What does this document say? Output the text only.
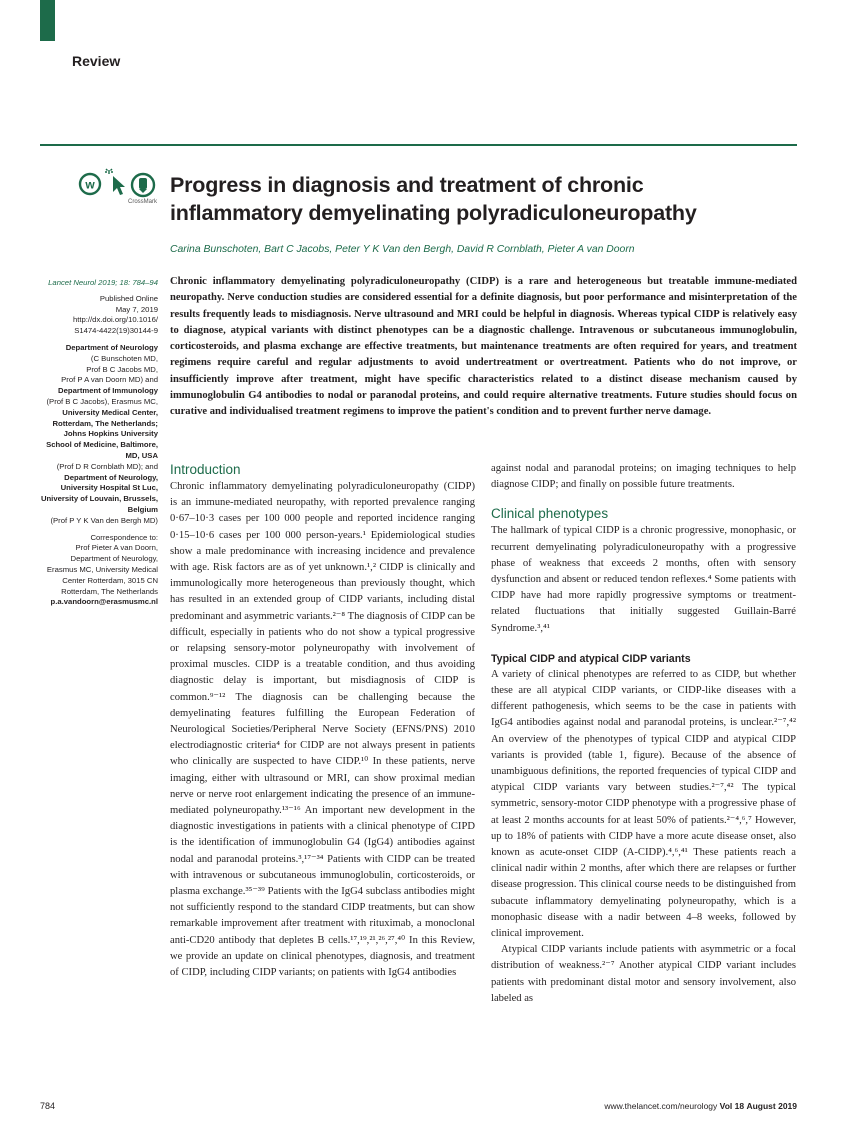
Review
w
CrossMark
Progress in diagnosis and treatment of chronic inflammatory demyelinating polyradiculoneuropathy
Carina Bunschoten, Bart C Jacobs, Peter Y K Van den Bergh, David R Cornblath, Pieter A van Doorn
Lancet Neurol 2019; 18: 784–94
Published Online
May 7, 2019
http://dx.doi.org/10.1016/
S1474-4422(19)30144-9
Department of Neurology
(C Bunschoten MD,
Prof B C Jacobs MD,
Prof P A van Doorn MD) and
Department of Immunology
(Prof B C Jacobs), Erasmus MC,
University Medical Center,
Rotterdam, The Netherlands;
Johns Hopkins University
School of Medicine, Baltimore,
MD, USA
(Prof D R Cornblath MD); and
Department of Neurology,
University Hospital St Luc,
University of Louvain, Brussels,
Belgium
(Prof P Y K Van den Bergh MD)
Correspondence to:
Prof Pieter A van Doorn,
Department of Neurology,
Erasmus MC, University Medical
Center Rotterdam, 3015 CN
Rotterdam, The Netherlands
p.a.vandoorn@erasmusmc.nl

Chronic inflammatory demyelinating polyradiculoneuropathy (CIDP) is a rare and heterogeneous but treatable immune-mediated neuropathy. Nerve conduction studies are considered essential for a definite diagnosis, but poor performance and misinterpretation of the results frequently leads to misdiagnosis. Nerve ultrasound and MRI could be helpful in diagnosis. Whereas typical CIDP is relatively easy to diagnose, atypical variants with distinct phenotypes can be a diagnostic challenge. Intravenous or subcutaneous immunoglobulin, corticosteroids, and plasma exchange are effective treatments, but maintenance treatments are often required for years, and treatment regimens require careful and regular adjustments to avoid undertreatment or overtreatment. Patients who do not improve, or insufficiently improve after treatment, might have specific characteristics related to a distinct disease mechanism caused by immunoglobulin G4 antibodies to nodal or paranodal proteins, and could require alternative treatments. Future studies should focus on curative and individualised treatment regimens to improve the patient's condition and to prevent further nerve damage.

Introduction

Chronic inflammatory demyelinating polyradiculoneuropathy (CIDP) is an immune-mediated neuropathy, with reported prevalence ranging 0·67–10·3 cases per 100 000 people and reported incidence ranging 0·15–10·6 cases per 100 000 person-years.¹ Epidemiological studies show a male predominance with increasing incidence and prevalence with age. Risk factors are as of yet unknown.¹,² CIDP is clinically and immunologically more heterogeneous than previously thought, which has resulted in an extended group of CIDP variants, including distal predominant and asymmetric variants.²⁻⁸ The diagnosis of CIDP can be difficult, especially in patients who do not show a typical progressive or relapsing sensory-motor polyneuropathy with involvement of proximal muscles. CIDP is a treatable condition, and thus avoiding diagnostic delay is important, but misdiagnosis of CIDP is common.⁹⁻¹² The diagnosis can be challenging because the demyelinating features fulfilling the European Federation of Neurological Societies/Peripheral Nerve Society (EFNS/PNS) 2010 electrodiagnostic criteria⁴ for CIDP are not always present in patients who clinically are suspected to have CIDP.¹⁰ In these patients, nerve imaging, either with ultrasound or MRI, can show proximal median nerve or nerve root enlargement indicating the presence of an immune-mediated polyneuropathy.¹³⁻¹⁶ An important new development in the diagnostic investigations in patients with a clinical phenotype of CIPD is the identification of immunoglobulin G4 (IgG4) antibodies against nodal and paranodal proteins.³,¹⁷⁻³⁴ Patients with CIDP can be treated with intravenous or subcutaneous immunoglobulin, corticosteroids, or plasma exchange.³⁵⁻³⁹ Patients with the IgG4 subclass antibodies might not sufficiently respond to the standard CIDP treatments, but can show remarkable improvement after treatment with rituximab, a monoclonal anti-CD20 antibody that depletes B cells.¹⁷,¹⁹,²¹,²⁶,²⁷,⁴⁰ In this Review, we provide an update on clinical phenotypes, diagnosis, and treatment of CIDP, including CIDP variants; on patients with IgG4 antibodies

against nodal and paranodal proteins; on imaging techniques to help diagnose CIDP; and finally on possible future treatments.

Clinical phenotypes

The hallmark of typical CIDP is a chronic progressive, monophasic, or recurrent demyelinating polyradiculoneuropathy with a progressive phase of weakness that exceeds 2 months, often with sensory dysfunction and absent or reduced tendon reflexes.⁴ Some patients with CIDP have had more rapidly progressive symptoms or treatment-related fluctuations that initially suggested Guillain-Barré Syndrome.³,⁴¹

Typical CIDP and atypical CIDP variants

A variety of clinical phenotypes are referred to as CIDP, but whether these are all atypical CIDP variants, or CIDP-like diseases with a different pathogenesis, which seems to be the case in patients with IgG4 antibodies against nodal and paranodal proteins, is unclear.²⁻⁷,⁴² An overview of the phenotypes of typical CIDP and atypical CIDP variants is provided (table 1, figure). Because of the absence of unambiguous definitions, the reported frequencies of typical CIDP and atypical CIDP variants vary between studies.²⁻⁷,⁴² The typical symmetric, sensory-motor CIDP phenotype with a progressive phase of at least 2 months accounts for at least 50% of patients.²⁻⁴,⁶,⁷ However, up to 18% of patients with CIDP have a more acute disease onset, also known as acute-onset CIDP (A-CIDP).⁴,⁶,⁴¹ These patients reach a clinical nadir within 2 months, after which there are relapses or further disease progression. This clinical course needs to be distinguished from subacute inflammatory demyelinating polyneuropathy, which is a monophasic disease with a nadir between 4–8 weeks, followed by clinical improvement.

Atypical CIDP variants include patients with asymmetric or a focal distribution of weakness.²⁻⁷ Another atypical CIDP variant includes patients with predominant distal motor and sensory involvement, also labeled as

784	www.thelancet.com/neurology Vol 18 August 2019
